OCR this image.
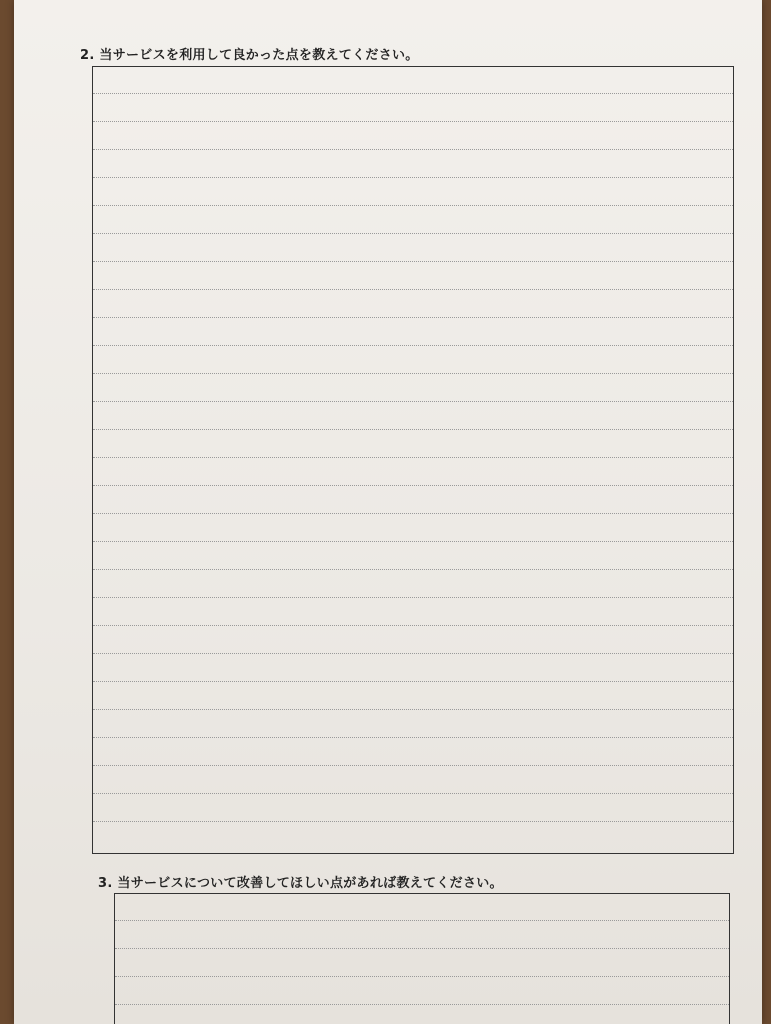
2. 当サービスを利用して良かった点を教えてください。
3. 当サービスについて改善してほしい点があれば教えてください。
